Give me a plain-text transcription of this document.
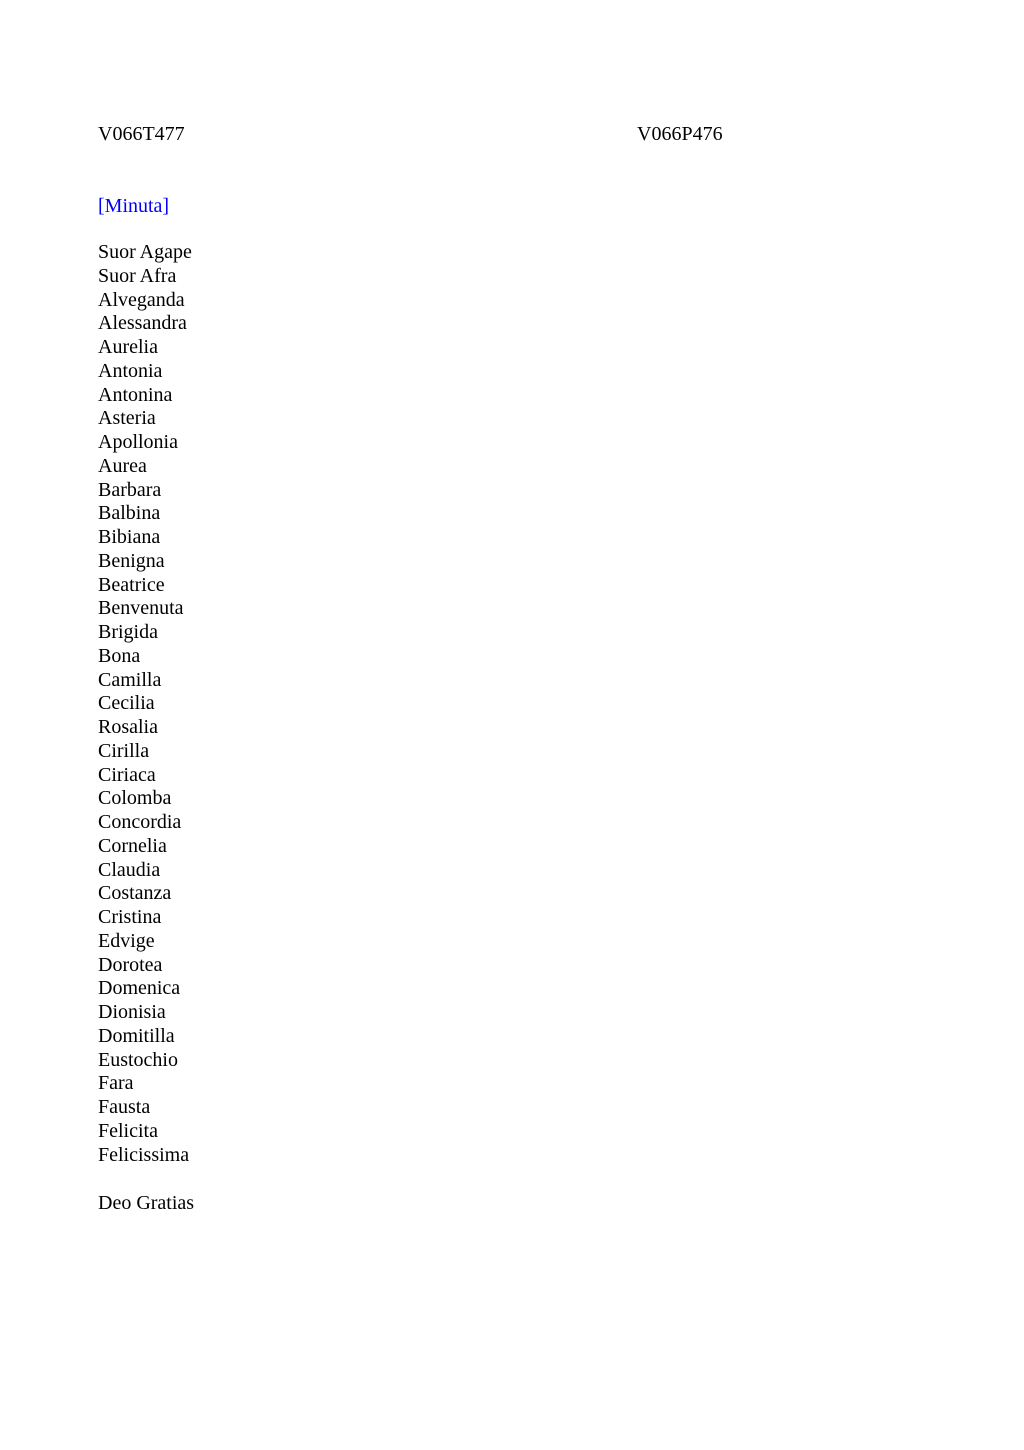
V066T477	V066P476
[Minuta]
Suor Agape
Suor Afra
Alveganda
Alessandra
Aurelia
Antonia
Antonina
Asteria
Apollonia
Aurea
Barbara
Balbina
Bibiana
Benigna
Beatrice
Benvenuta
Brigida
Bona
Camilla
Cecilia
Rosalia
Cirilla
Ciriaca
Colomba
Concordia
Cornelia
Claudia
Costanza
Cristina
Edvige
Dorotea
Domenica
Dionisia
Domitilla
Eustochio
Fara
Fausta
Felicita
Felicissima
Deo Gratias
